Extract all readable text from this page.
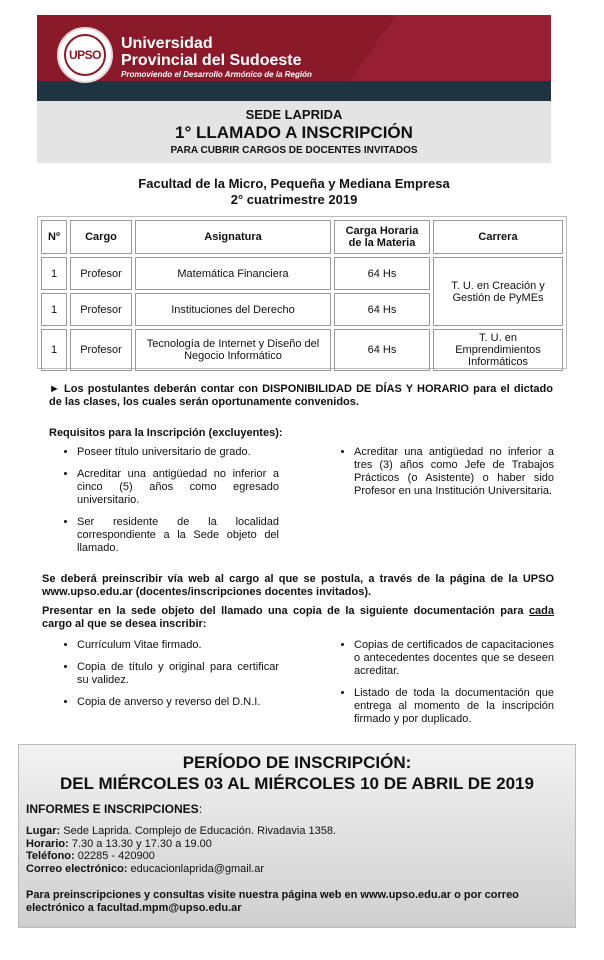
UPSO
Universidad
Provincial del Sudoeste
Promoviendo el Desarrollo Armónico de la Región
SEDE LAPRIDA
1° LLAMADO A INSCRIPCIÓN
PARA CUBRIR CARGOS DE DOCENTES INVITADOS
Facultad de la Micro, Pequeña y Mediana Empresa
2° cuatrimestre 2019
Nº	Cargo	Asignatura	Carga Horaria de la Materia	Carrera
1	Profesor	Matemática Financiera	64 Hs	T. U. en Creación y Gestión de PyMEs
1	Profesor	Instituciones del Derecho	64 Hs	
1	Profesor	Tecnología de Internet y Diseño del Negocio Informático	64 Hs	T. U. en Emprendimientos Informáticos
► Los postulantes deberán contar con DISPONIBILIDAD DE DÍAS Y HORARIO para el dictado de las clases, los cuales serán oportunamente convenidos.
Requisitos para la Inscripción (excluyentes):
• Poseer título universitario de grado.
• Acreditar una antigüedad no inferior a cinco (5) años como egresado universitario.
• Ser residente de la localidad correspondiente a la Sede objeto del llamado.
• Acreditar una antigüedad no inferior a tres (3) años como Jefe de Trabajos Prácticos (o Asistente) o haber sido Profesor en una Institución Universitaria.
Se deberá preinscribir vía web al cargo al que se postula, a través de la página de la UPSO www.upso.edu.ar (docentes/inscripciones docentes invitados).
Presentar en la sede objeto del llamado una copia de la siguiente documentación para cada cargo al que se desea inscribir:
• Currículum Vitae firmado.
• Copia de título y original para certificar su validez.
• Copia de anverso y reverso del D.N.I.
• Copias de certificados de capacitaciones o antecedentes docentes que se deseen acreditar.
• Listado de toda la documentación que entrega al momento de la inscripción firmado y por duplicado.
PERÍODO DE INSCRIPCIÓN:
DEL MIÉRCOLES 03 AL MIÉRCOLES 10 DE ABRIL DE 2019
INFORMES E INSCRIPCIONES:
Lugar: Sede Laprida. Complejo de Educación. Rivadavia 1358.
Horario: 7.30 a 13.30 y 17.30 a 19.00
Teléfono: 02285 - 420900
Correo electrónico: educacionlaprida@gmail.ar
Para preinscripciones y consultas visite nuestra página web en www.upso.edu.ar o por correo electrónico a facultad.mpm@upso.edu.ar
